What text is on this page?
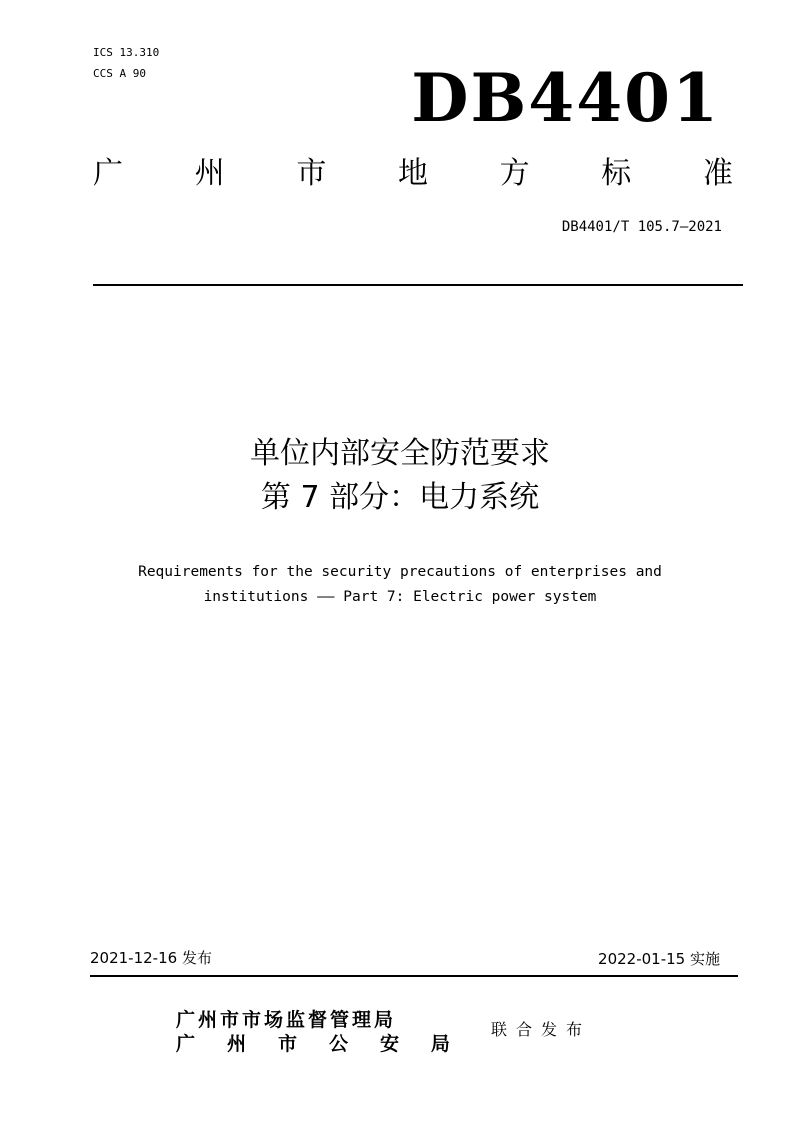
ICS 13.310
CCS A 90	DB4401
广 州 市 地 方 标 准
DB4401/T 105.7—2021
单位内部安全防范要求
第 7 部分：电力系统
Requirements for the security precautions of enterprises and
institutions —— Part 7: Electric power system
2021-12-16 发布	2022-01-15 实施
广州市市场监督管理局
广 州 市 公 安 局
联合发布
